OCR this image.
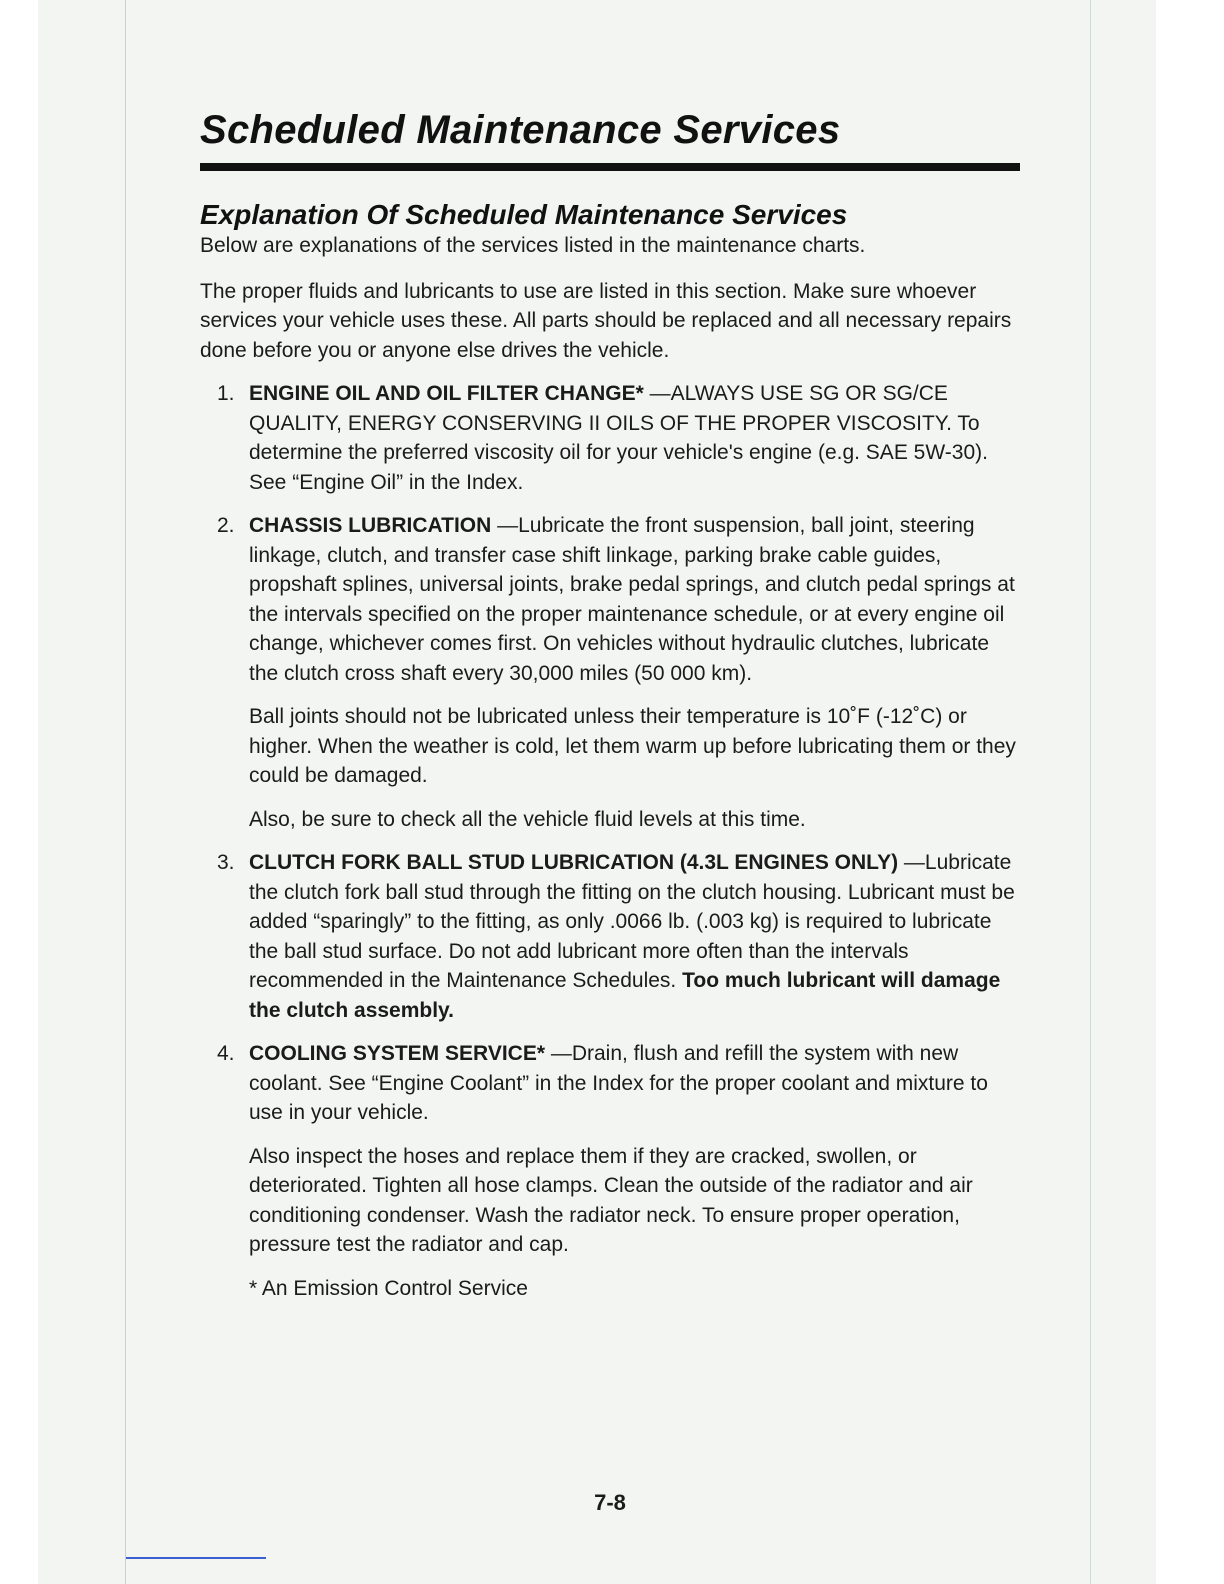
Scheduled Maintenance Services
Explanation Of Scheduled Maintenance Services

Below are explanations of the services listed in the maintenance charts.

The proper fluids and lubricants to use are listed in this section. Make sure whoever services your vehicle uses these. All parts should be replaced and all necessary repairs done before you or anyone else drives the vehicle.

1. ENGINE OIL AND OIL FILTER CHANGE* —ALWAYS USE SG OR SG/CE QUALITY, ENERGY CONSERVING II OILS OF THE PROPER VISCOSITY. To determine the preferred viscosity oil for your vehicle's engine (e.g. SAE 5W-30). See “Engine Oil” in the Index.

2. CHASSIS LUBRICATION —Lubricate the front suspension, ball joint, steering linkage, clutch, and transfer case shift linkage, parking brake cable guides, propshaft splines, universal joints, brake pedal springs, and clutch pedal springs at the intervals specified on the proper maintenance schedule, or at every engine oil change, whichever comes first. On vehicles without hydraulic clutches, lubricate the clutch cross shaft every 30,000 miles (50 000 km).

Ball joints should not be lubricated unless their temperature is 10˚F (-12˚C) or higher. When the weather is cold, let them warm up before lubricating them or they could be damaged.

Also, be sure to check all the vehicle fluid levels at this time.

3. CLUTCH FORK BALL STUD LUBRICATION (4.3L ENGINES ONLY) —Lubricate the clutch fork ball stud through the fitting on the clutch housing. Lubricant must be added “sparingly” to the fitting, as only .0066 lb. (.003 kg) is required to lubricate the ball stud surface. Do not add lubricant more often than the intervals recommended in the Maintenance Schedules. Too much lubricant will damage the clutch assembly.

4. COOLING SYSTEM SERVICE* —Drain, flush and refill the system with new coolant. See “Engine Coolant” in the Index for the proper coolant and mixture to use in your vehicle.

Also inspect the hoses and replace them if they are cracked, swollen, or deteriorated. Tighten all hose clamps. Clean the outside of the radiator and air conditioning condenser. Wash the radiator neck. To ensure proper operation, pressure test the radiator and cap.

* An Emission Control Service

7-8
